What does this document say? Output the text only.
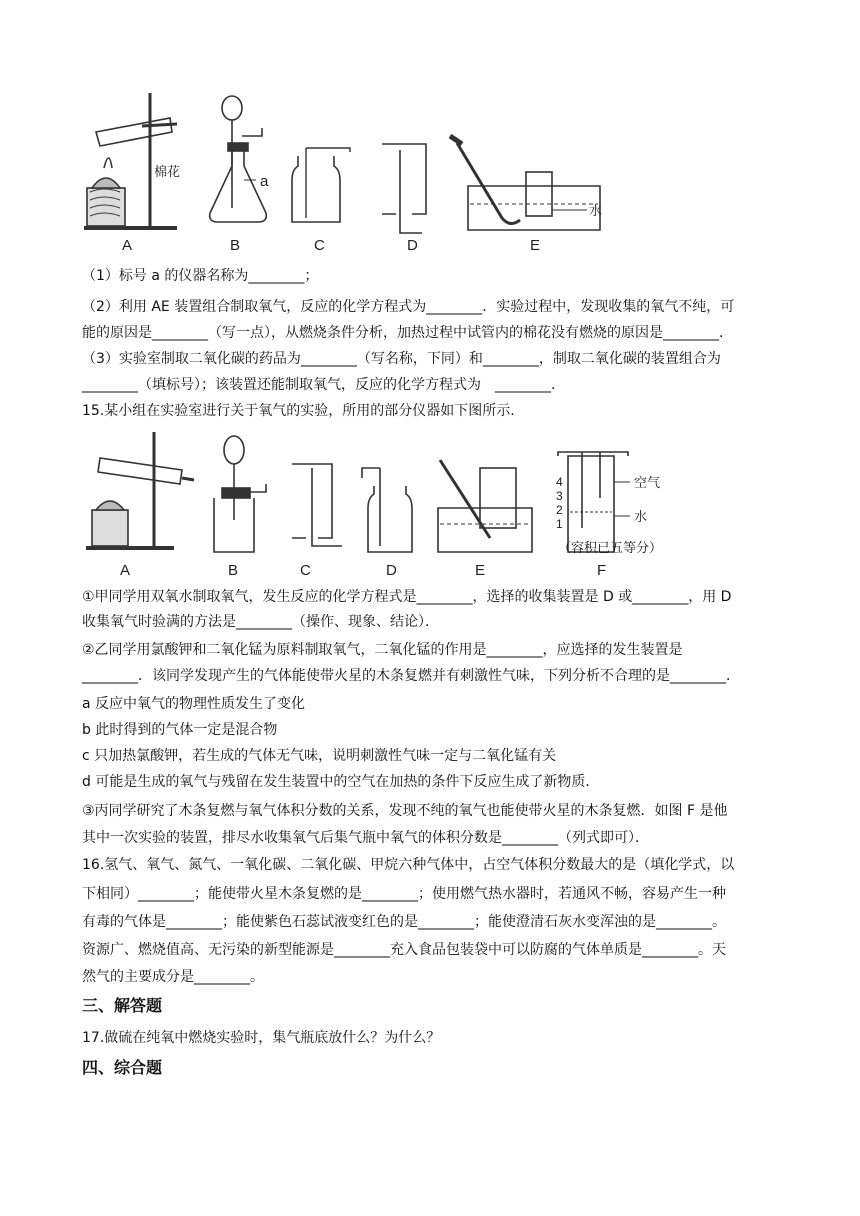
A	B	C	D	E
棉花
a
水
（1）标号 a 的仪器名称为________；
（2）利用 AE 装置组合制取氧气，反应的化学方程式为________．实验过程中，发现收集的氧气不纯，可
能的原因是________（写一点），从燃烧条件分析，加热过程中试管内的棉花没有燃烧的原因是________．
（3）实验室制取二氧化碳的药品为________（写名称，下同）和________，制取二氧化碳的装置组合为
________（填标号）；该装置还能制取氧气，反应的化学方程式为　________．
15.某小组在实验室进行关于氧气的实验，所用的部分仪器如下图所示.
空气
水
4
3
2
1
A	B	C	D	E	F
（容积已五等分）
①甲同学用双氧水制取氧气，发生反应的化学方程式是________，选择的收集装置是 D 或________，用 D
收集氧气时验满的方法是________（操作、现象、结论）．
②乙同学用氯酸钾和二氧化锰为原料制取氧气，二氧化锰的作用是________，应选择的发生装置是
________．该同学发现产生的气体能使带火星的木条复燃并有刺激性气味，下列分析不合理的是________．
a 反应中氧气的物理性质发生了变化
b 此时得到的气体一定是混合物
c 只加热氯酸钾，若生成的气体无气味，说明刺激性气味一定与二氧化锰有关
d 可能是生成的氧气与残留在发生装置中的空气在加热的条件下反应生成了新物质．
③丙同学研究了木条复燃与氧气体积分数的关系，发现不纯的氧气也能使带火星的木条复燃．如图 F 是他
其中一次实验的装置，排尽水收集氧气后集气瓶中氧气的体积分数是________（列式即可）．
16.氢气、氧气、氮气、一氧化碳、二氧化碳、甲烷六种气体中，占空气体积分数最大的是（填化学式，以
下相同）________；能使带火星木条复燃的是________；使用燃气热水器时，若通风不畅，容易产生一种
有毒的气体是________；能使紫色石蕊试液变红色的是________；能使澄清石灰水变浑浊的是________。
资源广、燃烧值高、无污染的新型能源是________充入食品包装袋中可以防腐的气体单质是________。天
然气的主要成分是________。
三、解答题
17.做硫在纯氧中燃烧实验时，集气瓶底放什么？为什么？
四、综合题
